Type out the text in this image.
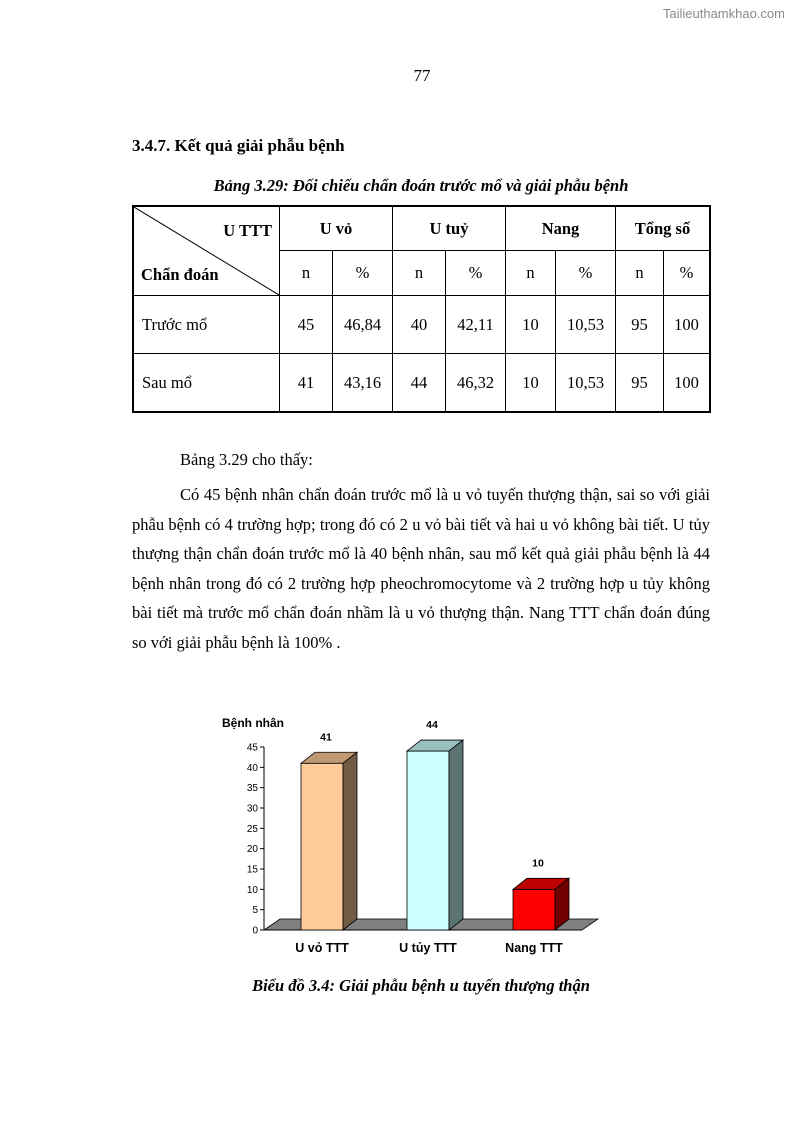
Tailieuthamkhao.com
77
3.4.7. Kết quả giải phẫu bệnh
Bảng 3.29: Đối chiếu chẩn đoán trước mổ và giải phẫu bệnh
U TTT
Chẩn đoán	U vỏ		U tuỷ		Nang		Tổng số	
	n	%	n	%	n	%	n	%
Trước mổ	45	46,84	40	42,11	10	10,53	95	100
Sau mổ	41	43,16	44	46,32	10	10,53	95	100
Bảng 3.29 cho thấy:
Có 45 bệnh nhân chẩn đoán trước mổ là u vỏ tuyến thượng thận, sai so với giải phẫu bệnh có 4 trường hợp; trong đó có 2 u vỏ bài tiết và hai u vỏ không bài tiết. U tủy thượng thận chẩn đoán trước mổ là 40 bệnh nhân, sau mổ kết quả giải phẫu bệnh là 44 bệnh nhân trong đó có 2 trường hợp pheochromocytome và 2 trường hợp u tủy không bài tiết mà trước mổ chẩn đoán nhầm là u vỏ thượng thận. Nang TTT chẩn đoán đúng so với giải phẫu bệnh là 100% .
0
5
10
15
20
25
30
35
40
45
Bệnh nhân
41
U vỏ TTT
44
U tủy TTT
10
Nang TTT
Biểu đồ 3.4: Giải phẫu bệnh u tuyến thượng thận
